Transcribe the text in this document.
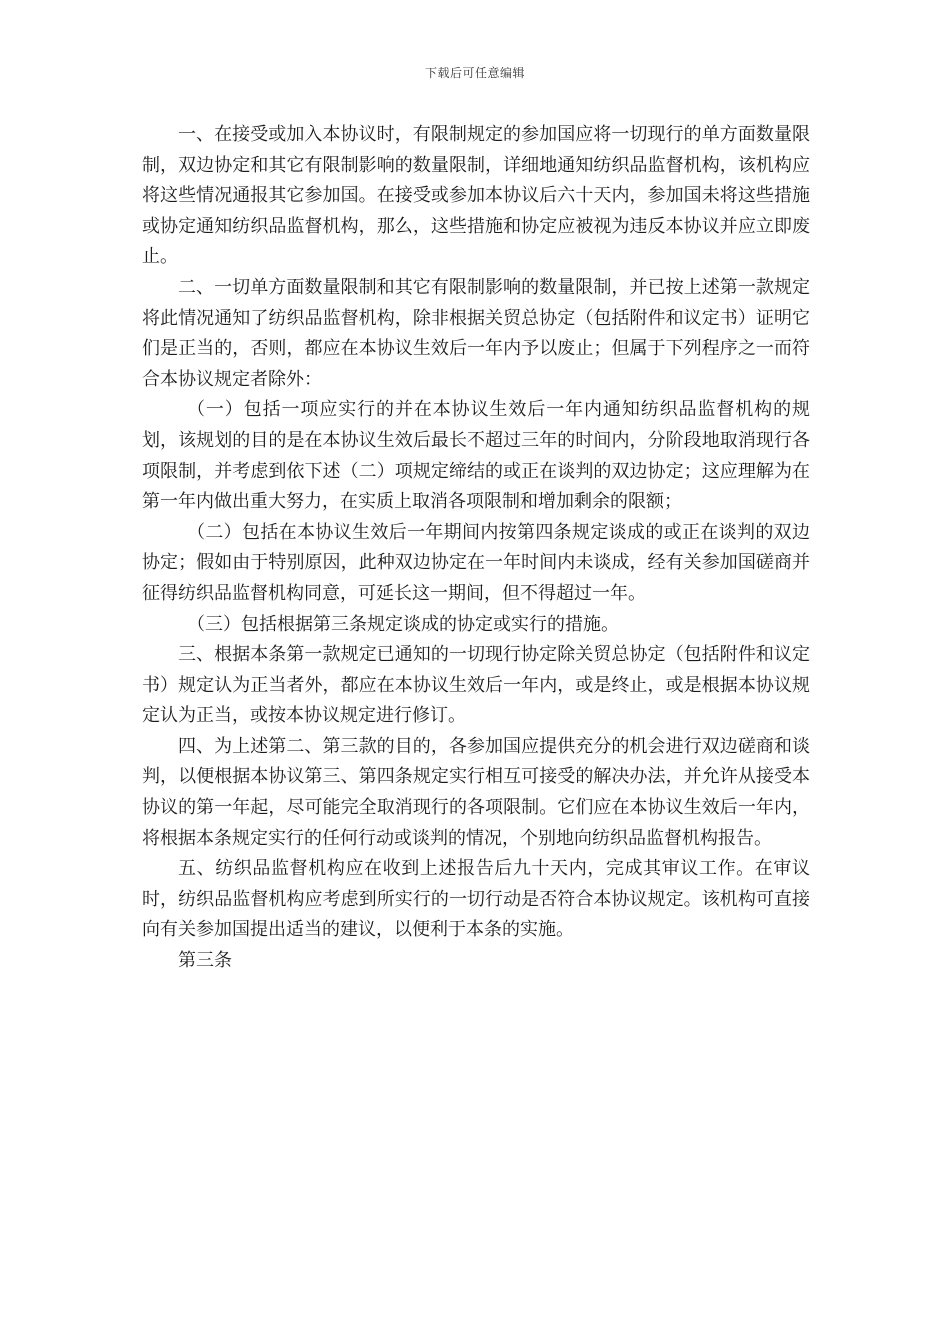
下载后可任意编辑

一、在接受或加入本协议时，有限制规定的参加国应将一切现行的单方面数量限制，双边协定和其它有限制影响的数量限制，详细地通知纺织品监督机构，该机构应将这些情况通报其它参加国。在接受或参加本协议后六十天内，参加国未将这些措施或协定通知纺织品监督机构，那么，这些措施和协定应被视为违反本协议并应立即废止。

二、一切单方面数量限制和其它有限制影响的数量限制，并已按上述第一款规定将此情况通知了纺织品监督机构，除非根据关贸总协定（包括附件和议定书）证明它们是正当的，否则，都应在本协议生效后一年内予以废止；但属于下列程序之一而符合本协议规定者除外：

（一）包括一项应实行的并在本协议生效后一年内通知纺织品监督机构的规划，该规划的目的是在本协议生效后最长不超过三年的时间内，分阶段地取消现行各项限制，并考虑到依下述（二）项规定缔结的或正在谈判的双边协定；这应理解为在第一年内做出重大努力，在实质上取消各项限制和增加剩余的限额；

（二）包括在本协议生效后一年期间内按第四条规定谈成的或正在谈判的双边协定；假如由于特别原因，此种双边协定在一年时间内未谈成，经有关参加国磋商并征得纺织品监督机构同意，可延长这一期间，但不得超过一年。

（三）包括根据第三条规定谈成的协定或实行的措施。

三、根据本条第一款规定已通知的一切现行协定除关贸总协定（包括附件和议定书）规定认为正当者外，都应在本协议生效后一年内，或是终止，或是根据本协议规定认为正当，或按本协议规定进行修订。

四、为上述第二、第三款的目的，各参加国应提供充分的机会进行双边磋商和谈判，以便根据本协议第三、第四条规定实行相互可接受的解决办法，并允许从接受本协议的第一年起，尽可能完全取消现行的各项限制。它们应在本协议生效后一年内，将根据本条规定实行的任何行动或谈判的情况，个别地向纺织品监督机构报告。

五、纺织品监督机构应在收到上述报告后九十天内，完成其审议工作。在审议时，纺织品监督机构应考虑到所实行的一切行动是否符合本协议规定。该机构可直接向有关参加国提出适当的建议，以便利于本条的实施。

第三条
